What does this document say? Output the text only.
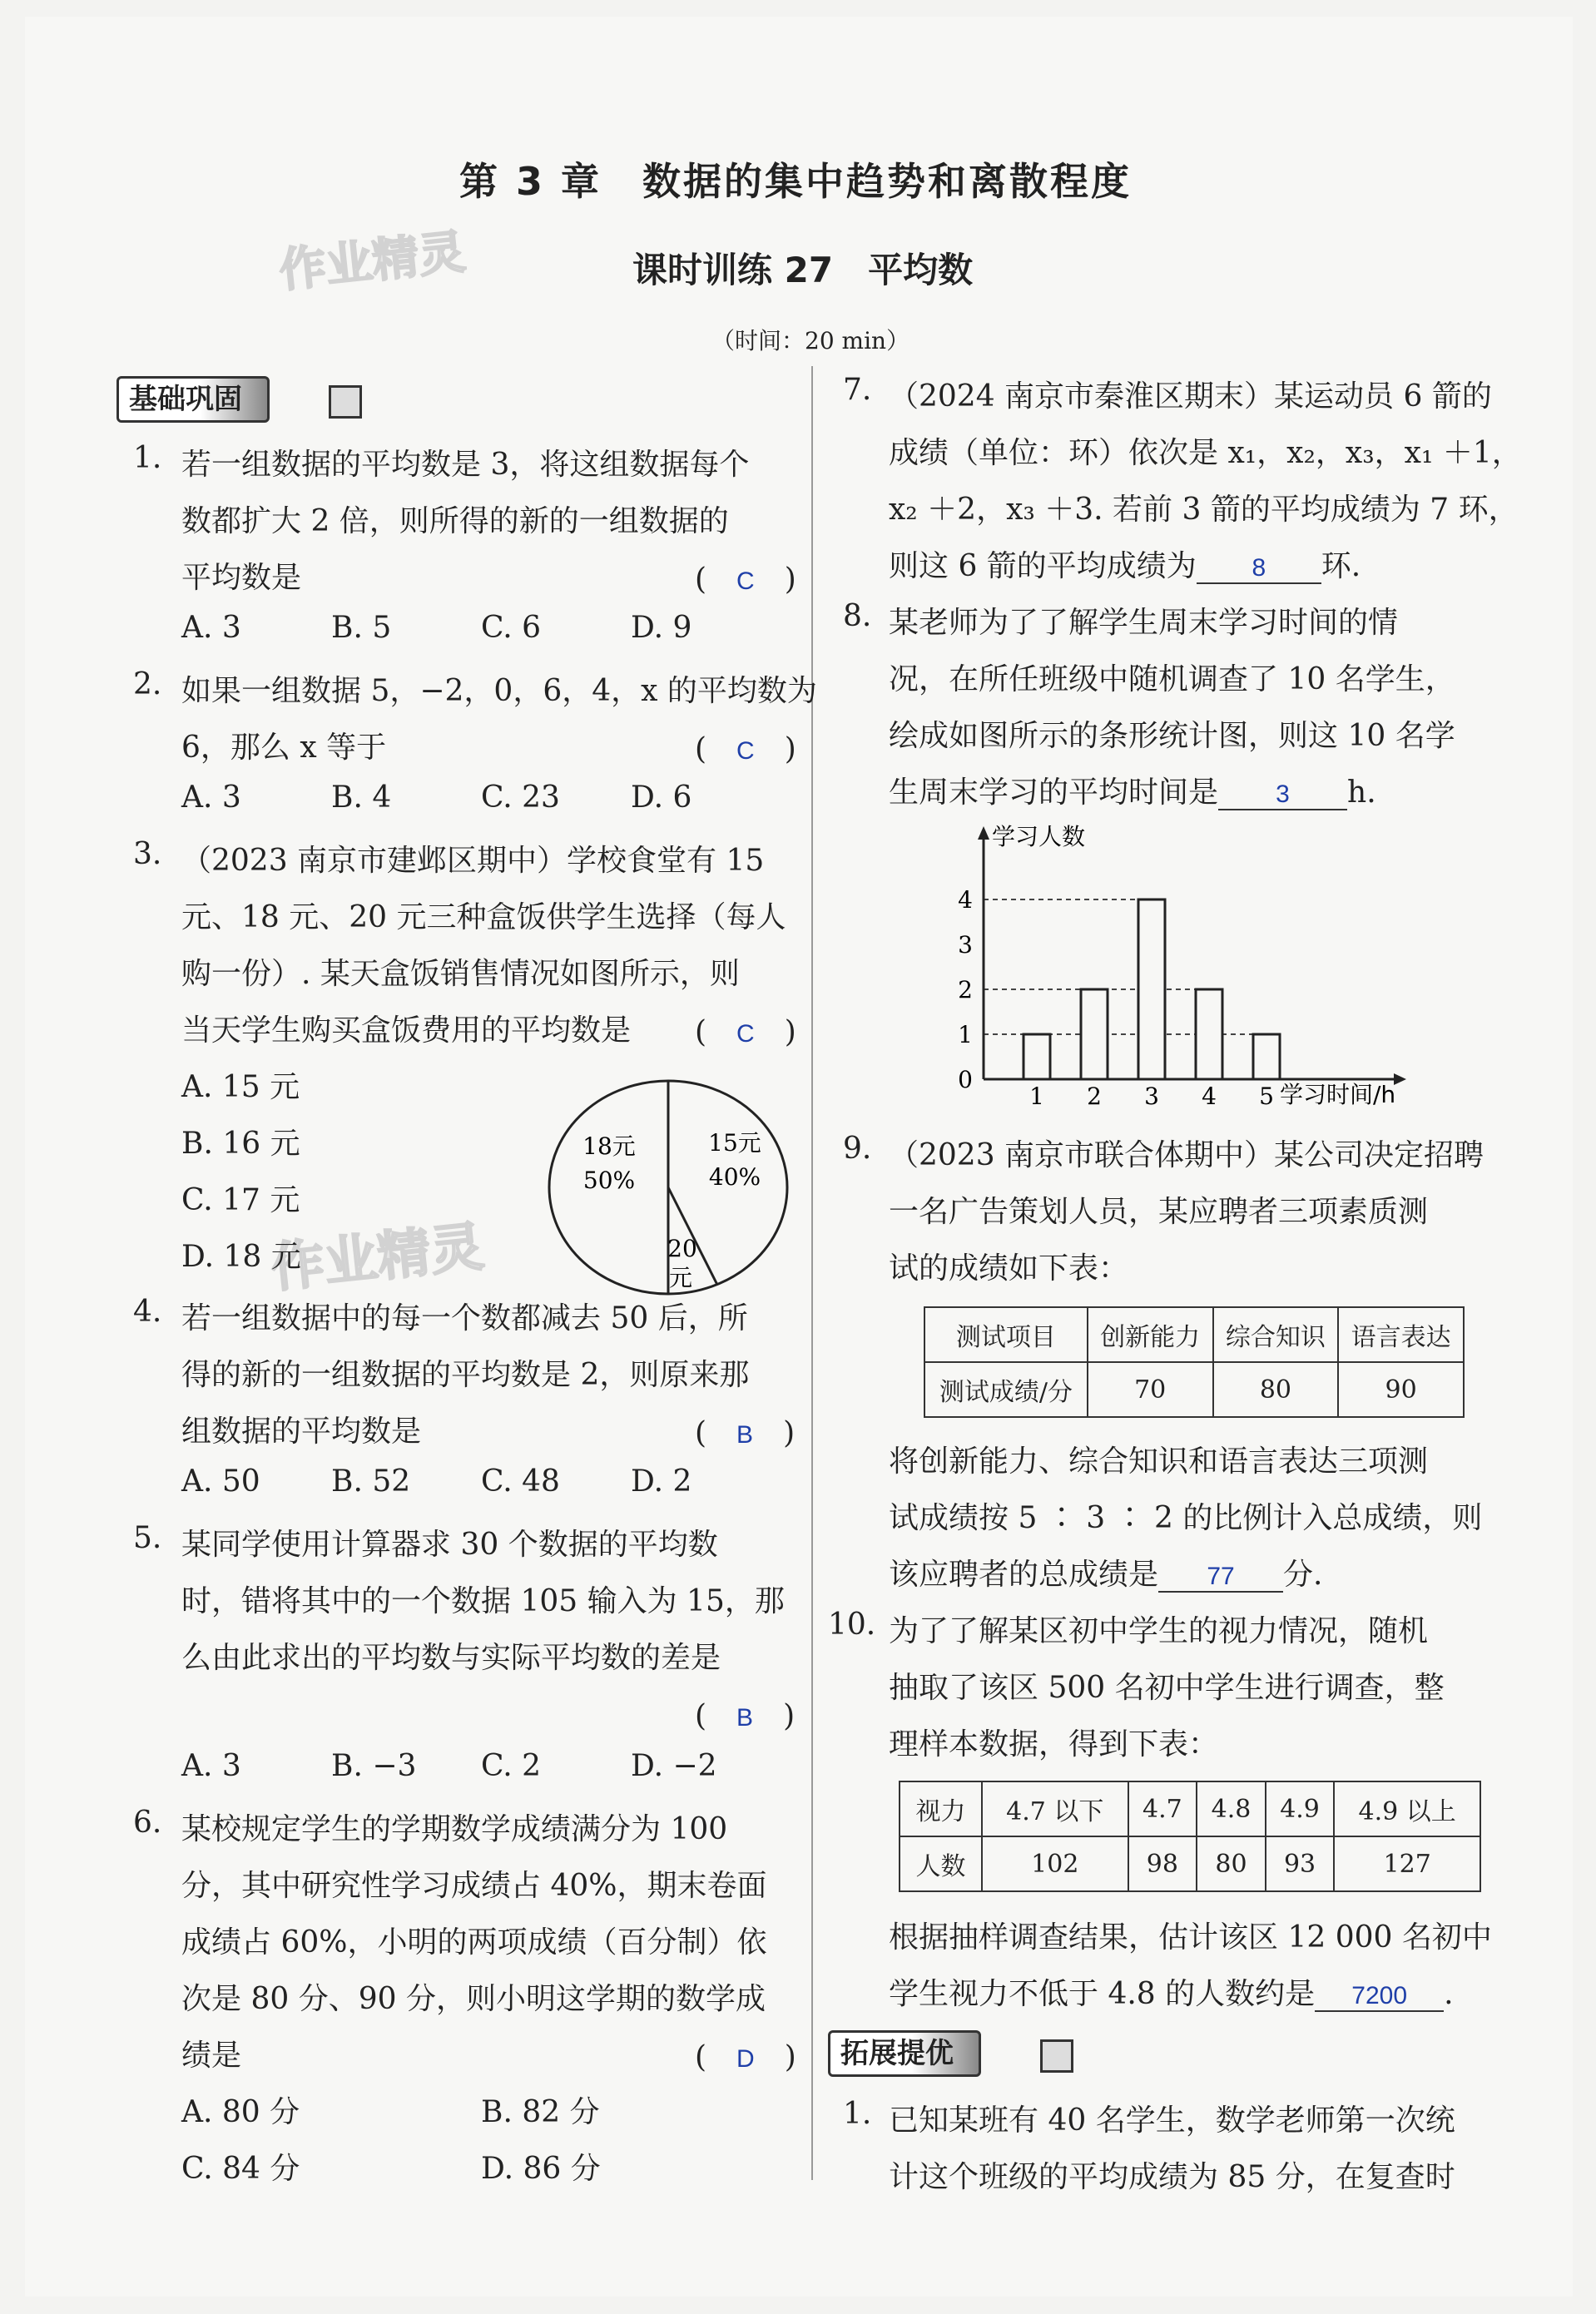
第 3 章　数据的集中趋势和离散程度
课时训练 27　平均数
（时间：20 min）
作业精灵
作业精灵
基础巩固
1. 若一组数据的平均数是 3，将这组数据每个
数都扩大 2 倍，则所得的新的一组数据的
平均数是	(　C　)
A. 3	B. 5	C. 6	D. 9
2. 如果一组数据 5，−2，0，6，4，x 的平均数为
6，那么 x 等于	(　C　)
A. 3	B. 4	C. 23 D. 6
3. （2023 南京市建邺区期中）学校食堂有 15
元、18 元、20 元三种盒饭供学生选择（每人
购一份）. 某天盒饭销售情况如图所示，则
当天学生购买盒饭费用的平均数是 (　C　)
A. 15 元
B. 16 元
C. 17 元
D. 18 元
18元
50%
15元
40%
20
元
4. 若一组数据中的每一个数都减去 50 后，所
得的新的一组数据的平均数是 2，则原来那
组数据的平均数是	(　B　)
A. 50 B. 52 C. 48 D. 2
5. 某同学使用计算器求 30 个数据的平均数
时，错将其中的一个数据 105 输入为 15，那
么由此求出的平均数与实际平均数的差是
(　B　)
A. 3	B. −3 C. 2	D. −2
6. 某校规定学生的学期数学成绩满分为 100
分，其中研究性学习成绩占 40%，期末卷面
成绩占 60%，小明的两项成绩（百分制）依
次是 80 分、90 分，则小明这学期的数学成
绩是	(　D　)
A. 80 分	B. 82 分
C. 84 分	D. 86 分
7. （2024 南京市秦淮区期末）某运动员 6 箭的
成绩（单位：环）依次是 x₁，x₂，x₃，x₁ ＋1，
x₂ ＋2，x₃ ＋3. 若前 3 箭的平均成绩为 7 环，
则这 6 箭的平均成绩为 8 环.
8. 某老师为了了解学生周末学习时间的情
况，在所任班级中随机调查了 10 名学生，
绘成如图所示的条形统计图，则这 10 名学
生周末学习的平均时间是 3 h.
学习人数
学习时间/h
0
1
2
3
4
1 2 3 4 5
9. （2023 南京市联合体期中）某公司决定招聘
一名广告策划人员，某应聘者三项素质测
试的成绩如下表：
测试项目	创新能力	综合知识	语言表达
测试成绩/分	70	80	90
将创新能力、综合知识和语言表达三项测
试成绩按 5 ∶ 3 ∶ 2 的比例计入总成绩，则
该应聘者的总成绩是 77 分.
10. 为了了解某区初中学生的视力情况，随机
抽取了该区 500 名初中学生进行调查，整
理样本数据，得到下表：
视力	4.7 以下	4.7	4.8	4.9	4.9 以上
人数	102	98	80	93	127
根据抽样调查结果，估计该区 12 000 名初中
学生视力不低于 4.8 的人数约是 7200 .
拓展提优
1. 已知某班有 40 名学生，数学老师第一次统
计这个班级的平均成绩为 85 分，在复查时
